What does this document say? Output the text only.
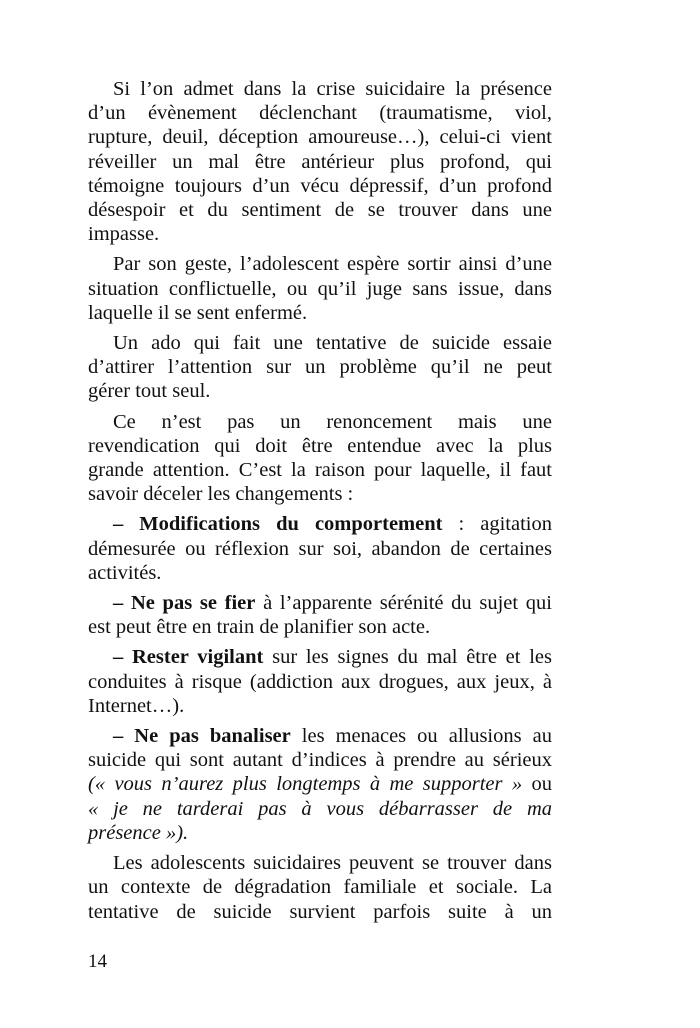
Si l’on admet dans la crise suicidaire la présence
d’un évènement déclenchant (traumatisme, viol,
rupture, deuil, déception amoureuse…), celui-ci vient
réveiller un mal être antérieur plus profond, qui
témoigne toujours d’un vécu dépressif, d’un profond
désespoir et du sentiment de se trouver dans une
impasse.
Par son geste, l’adolescent espère sortir ainsi d’une
situation conflictuelle, ou qu’il juge sans issue, dans
laquelle il se sent enfermé.
Un ado qui fait une tentative de suicide essaie
d’attirer l’attention sur un problème qu’il ne peut
gérer tout seul.
Ce n’est pas un renoncement mais une
revendication qui doit être entendue avec la plus
grande attention. C’est la raison pour laquelle, il faut
savoir déceler les changements :
– Modifications du comportement : agitation
démesurée ou réflexion sur soi, abandon de certaines
activités.
– Ne pas se fier à l’apparente sérénité du sujet qui
est peut être en train de planifier son acte.
– Rester vigilant sur les signes du mal être et les
conduites à risque (addiction aux drogues, aux jeux, à
Internet…).
– Ne pas banaliser les menaces ou allusions au
suicide qui sont autant d’indices à prendre au sérieux
(« vous n’aurez plus longtemps à me supporter » ou
« je ne tarderai pas à vous débarrasser de ma
présence »).
Les adolescents suicidaires peuvent se trouver dans
un contexte de dégradation familiale et sociale. La
tentative de suicide survient parfois suite à un
14
